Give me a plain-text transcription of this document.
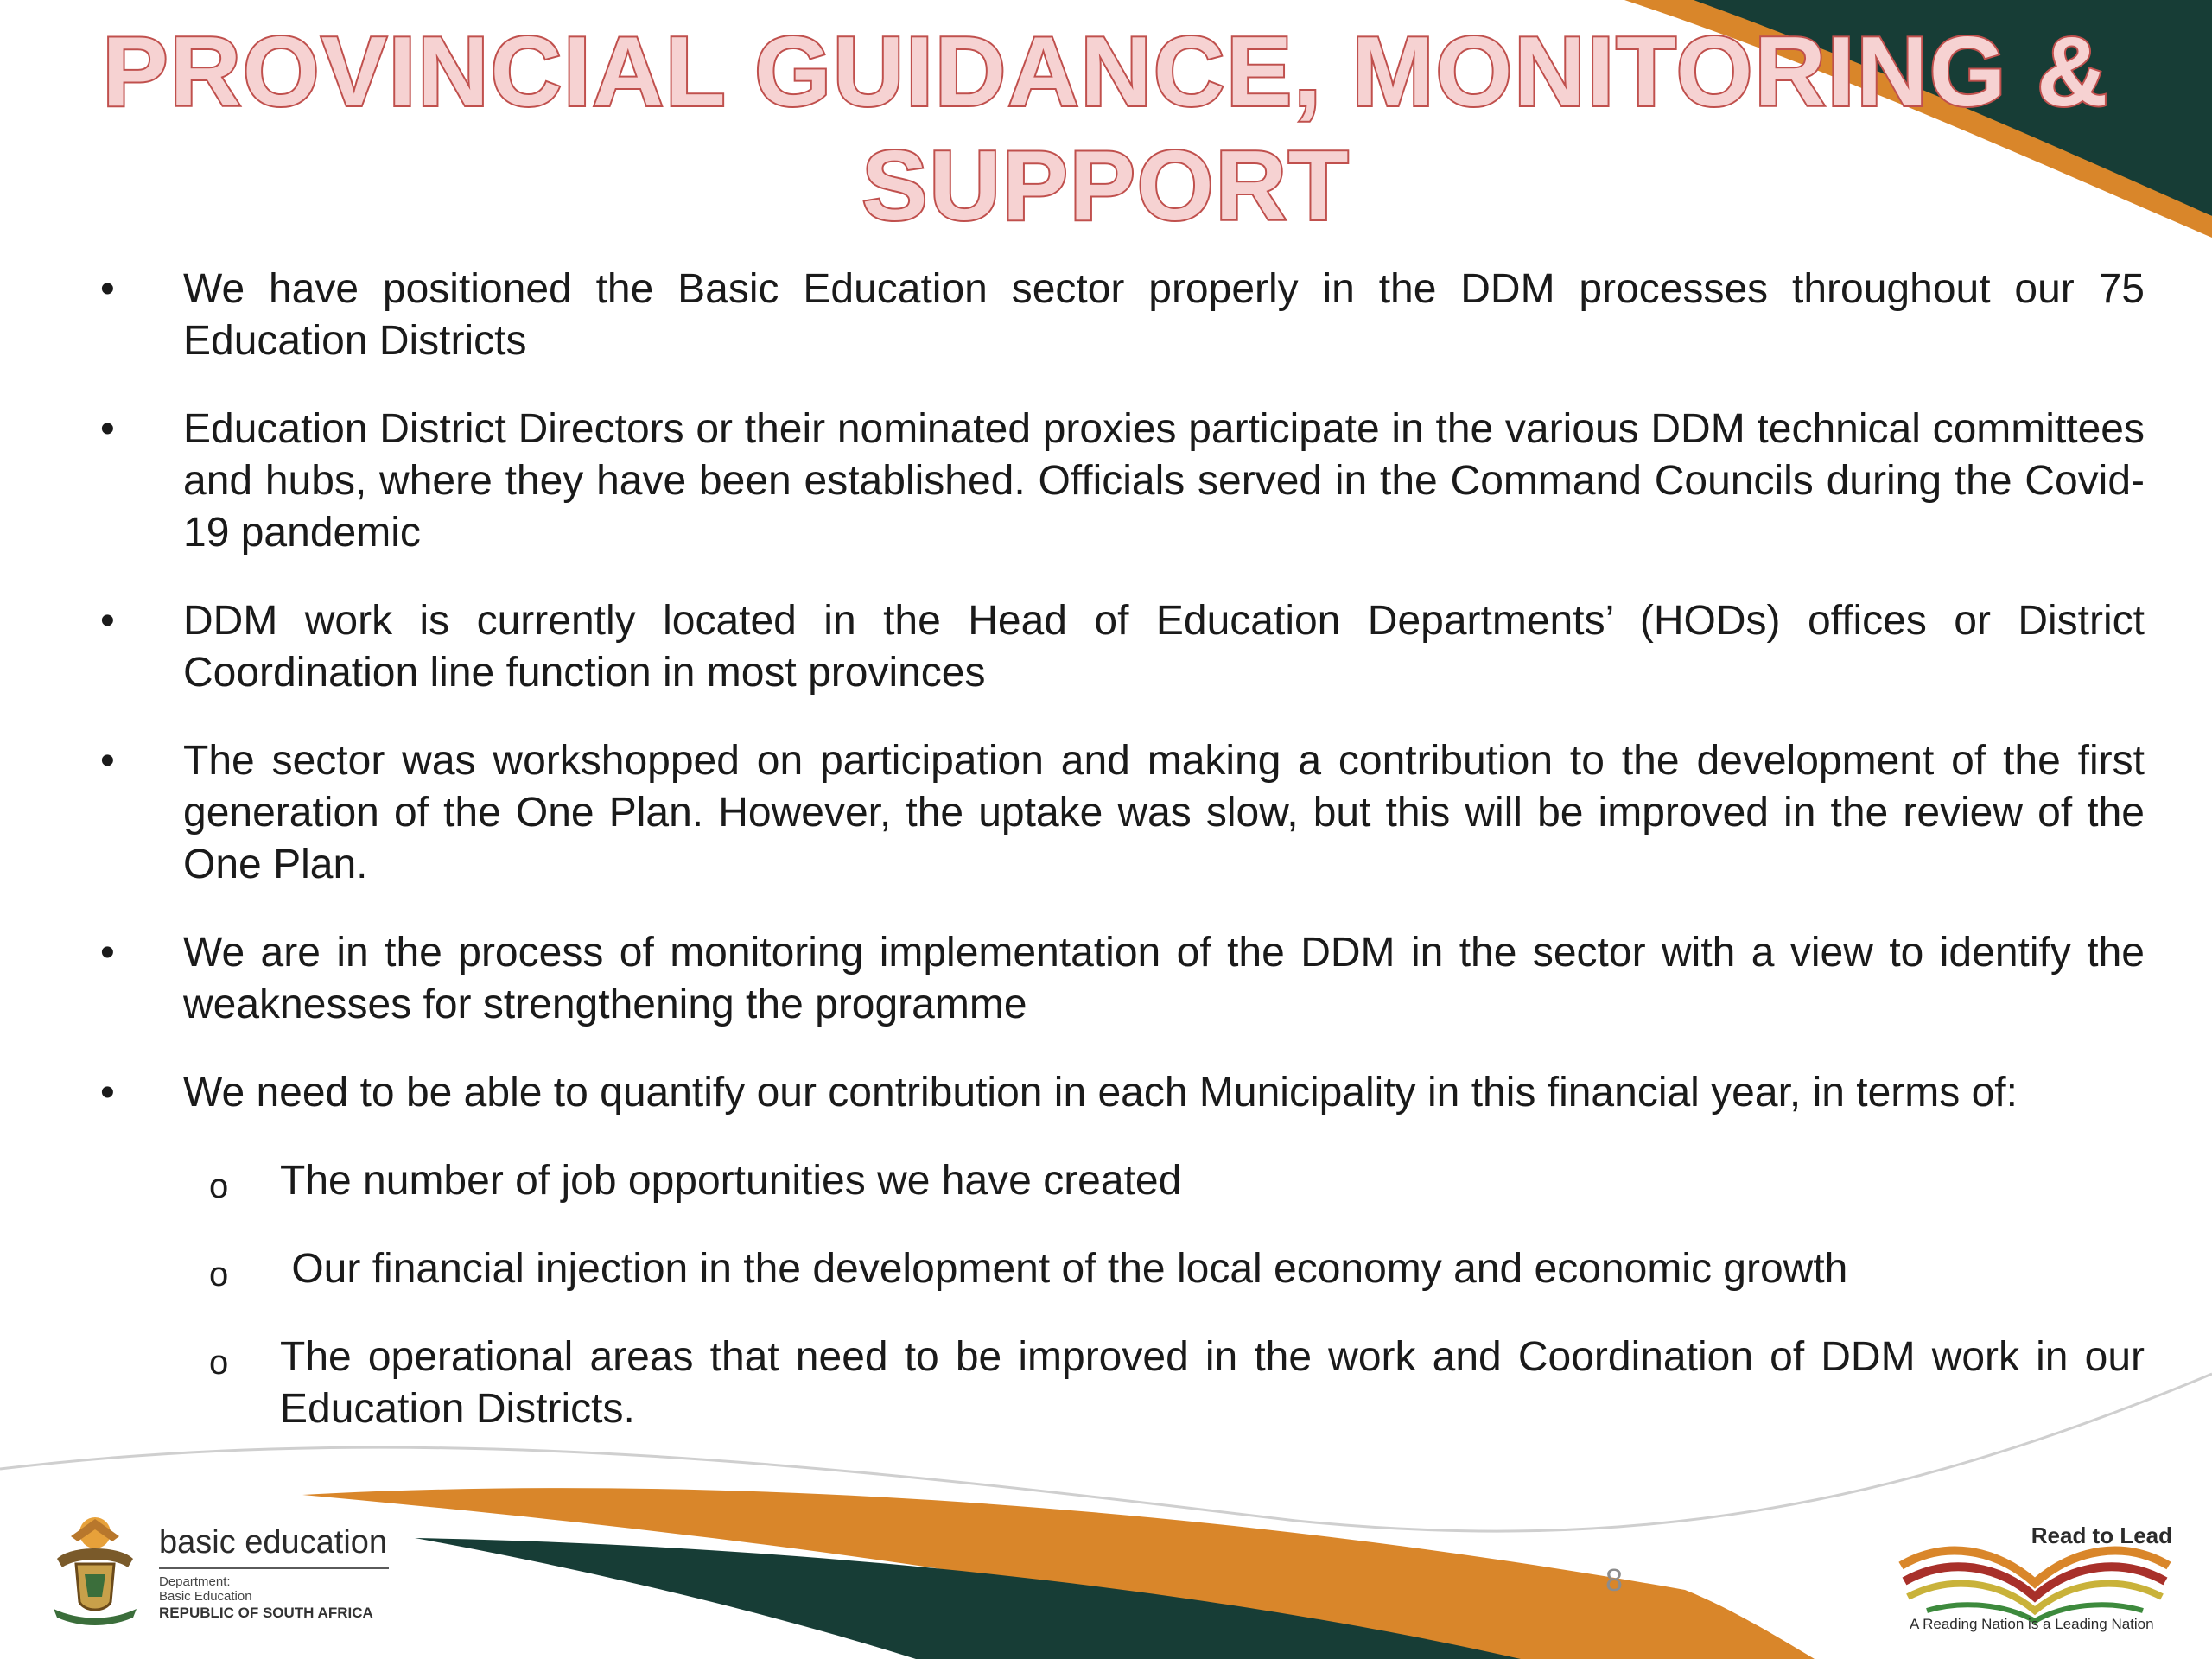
PROVINCIAL GUIDANCE, MONITORING &
SUPPORT

•	We have positioned the Basic Education sector properly in the DDM processes throughout our 75 Education Districts

•	Education District Directors or their nominated proxies participate in the various DDM technical committees and hubs, where they have been established. Officials served in the Command Councils during the Covid-19 pandemic

•	DDM work is currently located in the Head of Education Departments’ (HODs) offices or District Coordination line function in most provinces

•	The sector was workshopped on participation and making a contribution to the development of the first generation of the One Plan. However, the uptake was slow, but this will be improved in the review of the One Plan.

•	We are in the process of monitoring implementation of the DDM in the sector with a view to identify the weaknesses for strengthening the programme

•	We need to be able to quantify our contribution in each Municipality in this financial year, in terms of:

o The number of job opportunities we have created

o Our financial injection in the development of the local economy and economic growth

o The operational areas that need to be improved in the work and Coordination of DDM work in our Education Districts.

8
basic education
Department:
Basic Education
REPUBLIC OF SOUTH AFRICA
Read to Lead
A Reading Nation is a Leading Nation
